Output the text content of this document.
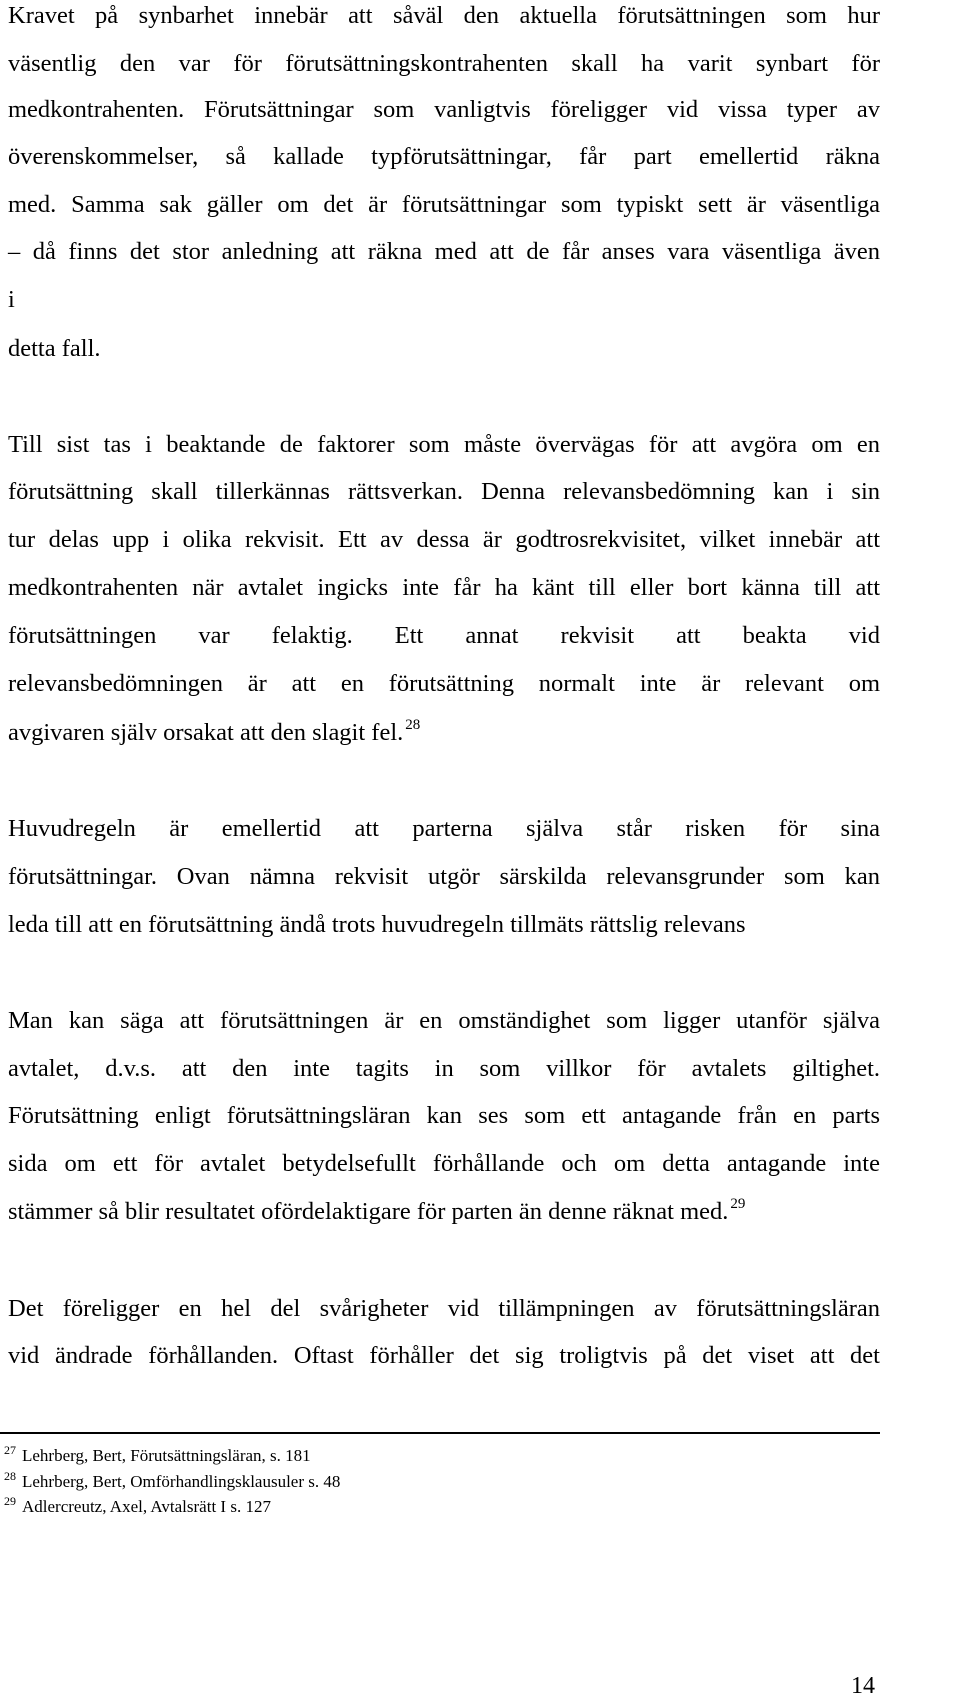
Kravet på synbarhet innebär att såväl den aktuella förutsättningen som hur
väsentlig den var för förutsättningskontrahenten skall ha varit synbart för
medkontrahenten. Förutsättningar som vanligtvis föreligger vid vissa typer av
överenskommelser, så kallade typförutsättningar, får part emellertid räkna
med. Samma sak gäller om det är förutsättningar som typiskt sett är väsentliga
– då finns det stor anledning att räkna med att de får anses vara väsentliga även
i
detta fall.
Till sist tas i beaktande de faktorer som måste övervägas för att avgöra om en
förutsättning skall tillerkännas rättsverkan. Denna relevansbedömning kan i sin
tur delas upp i olika rekvisit. Ett av dessa är godtrosrekvisitet, vilket innebär att
medkontrahenten när avtalet ingicks inte får ha känt till eller bort känna till att
förutsättningen var felaktig. Ett annat rekvisit att beakta vid
relevansbedömningen är att en förutsättning normalt inte är relevant om
avgivaren själv orsakat att den slagit fel. $^{28}$
Huvudregeln är emellertid att parterna själva står risken för sina
förutsättningar. Ovan nämna rekvisit utgör särskilda relevansgrunder som kan
leda till att en förutsättning ändå trots huvudregeln tillmäts rättslig relevans
Man kan säga att förutsättningen är en omständighet som ligger utanför själva
avtalet, d.v.s. att den inte tagits in som villkor för avtalets giltighet.
Förutsättning enligt förutsättningsläran kan ses som ett antagande från en parts
sida om ett för avtalet betydelsefullt förhållande och om detta antagande inte
stämmer så blir resultatet ofördelaktigare för parten än denne räknat med. $^{29}$
Det föreligger en hel del svårigheter vid tillämpningen av förutsättningsläran
vid ändrade förhållanden. Oftast förhåller det sig troligtvis på det viset att det
$^{27}$ Lehrberg, Bert, Förutsättningsläran, s. 181
$^{28}$ Lehrberg, Bert, Omförhandlingsklausuler s. 48
$^{29}$ Adlercreutz, Axel, Avtalsrätt I s. 127
14
